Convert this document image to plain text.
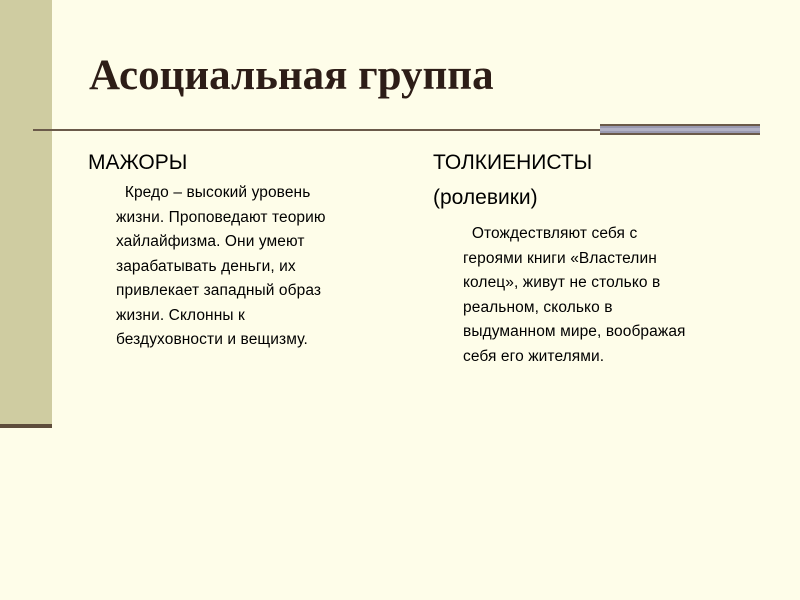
Асоциальная группа

МАЖОРЫ

Кредо – высокий уровень
жизни. Проповедают теорию
хайлайфизма. Они умеют
зарабатывать деньги, их
привлекает западный образ
жизни. Склонны к
бездуховности и вещизму.

ТОЛКИЕНИСТЫ

(ролевики)

Отождествляют себя с
героями книги «Властелин
колец», живут не столько в
реальном, сколько в
выдуманном мире, воображая
себя его жителями.
